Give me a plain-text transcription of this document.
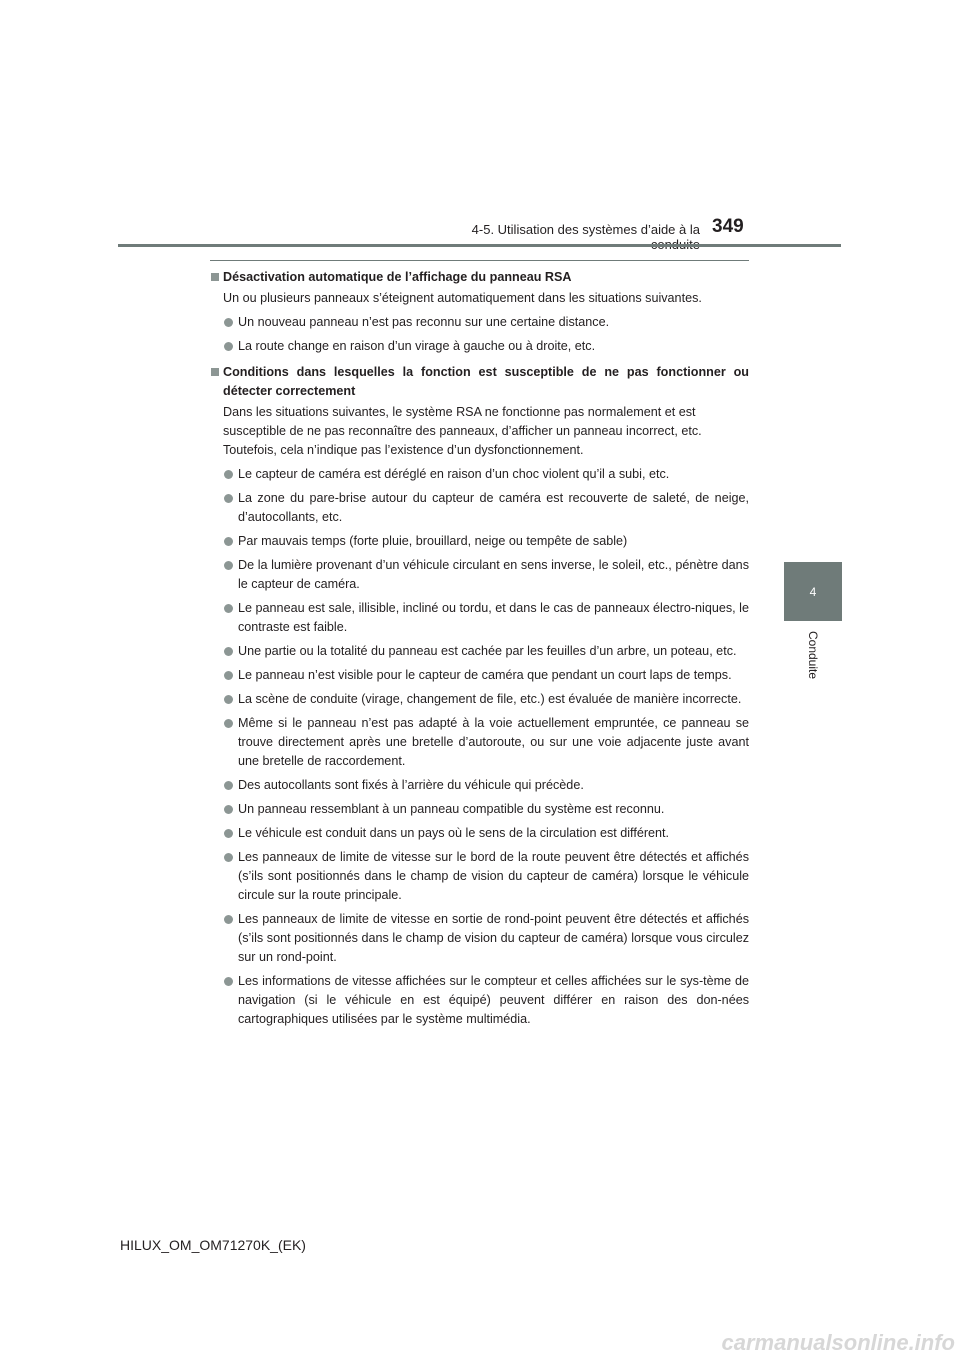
4-5. Utilisation des systèmes d’aide à la 349
4
Conduite

Désactivation automatique de l’affichage du panneau RSA

Un ou plusieurs panneaux s’éteignent automatiquement dans les situations suivantes.

Un nouveau panneau n’est pas reconnu sur une certaine distance.

La route change en raison d’un virage à gauche ou à droite, etc.

Conditions dans lesquelles la fonction est susceptible de ne pas fonctionner ou détecter correctement

Dans les situations suivantes, le système RSA ne fonctionne pas normalement et est susceptible de ne pas reconnaître des panneaux, d’afficher un panneau incorrect, etc. Toutefois, cela n’indique pas l’existence d’un dysfonctionnement.

Le capteur de caméra est déréglé en raison d’un choc violent qu’il a subi, etc.

La zone du pare-brise autour du capteur de caméra est recouverte de saleté, de neige, d’autocollants, etc.

Par mauvais temps (forte pluie, brouillard, neige ou tempête de sable)

De la lumière provenant d’un véhicule circulant en sens inverse, le soleil, etc., pénètre dans le capteur de caméra.

Le panneau est sale, illisible, incliné ou tordu, et dans le cas de panneaux électro-niques, le contraste est faible.

Une partie ou la totalité du panneau est cachée par les feuilles d’un arbre, un poteau, etc.

Le panneau n’est visible pour le capteur de caméra que pendant un court laps de temps.

La scène de conduite (virage, changement de file, etc.) est évaluée de manière incorrecte.

Même si le panneau n’est pas adapté à la voie actuellement empruntée, ce panneau se trouve directement après une bretelle d’autoroute, ou sur une voie adjacente juste avant une bretelle de raccordement.

Des autocollants sont fixés à l’arrière du véhicule qui précède.

Un panneau ressemblant à un panneau compatible du système est reconnu.

Le véhicule est conduit dans un pays où le sens de la circulation est différent.

Les panneaux de limite de vitesse sur le bord de la route peuvent être détectés et affichés (s’ils sont positionnés dans le champ de vision du capteur de caméra) lorsque le véhicule circule sur la route principale.

Les panneaux de limite de vitesse en sortie de rond-point peuvent être détectés et affichés (s’ils sont positionnés dans le champ de vision du capteur de caméra) lorsque vous circulez sur un rond-point.

Les informations de vitesse affichées sur le compteur et celles affichées sur le sys-tème de navigation (si le véhicule en est équipé) peuvent différer en raison des don-nées cartographiques utilisées par le système multimédia.

HILUX_OM_OM71270K_(EK)
carmanualsonline.info
